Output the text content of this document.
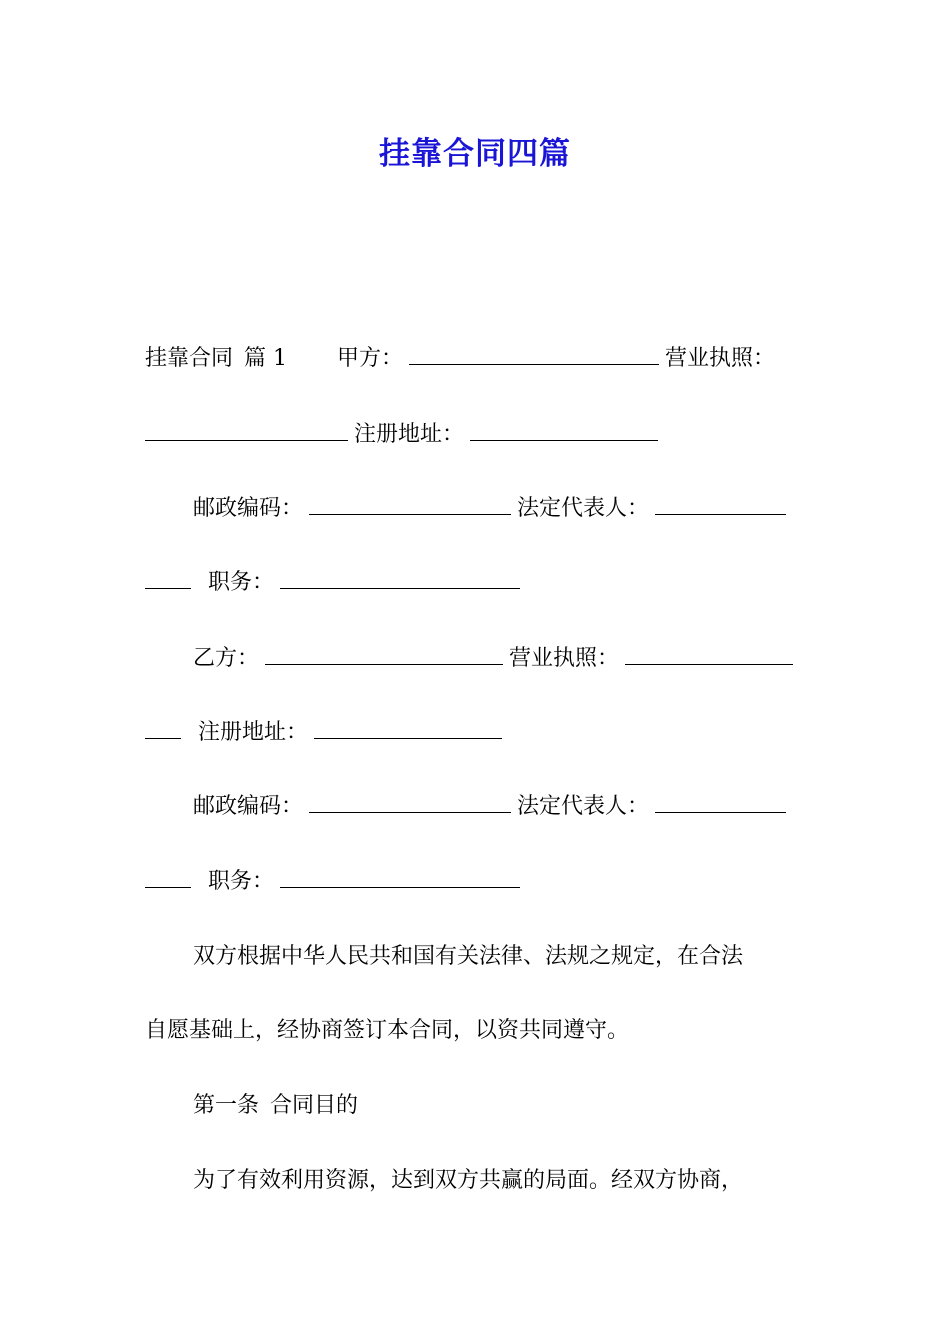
挂靠合同四篇
挂靠合同 篇 1 甲方：	营业执照：
注册地址：
邮政编码：	法定代表人：
职务：
乙方：	营业执照：
注册地址：
邮政编码：	法定代表人：
职务：
双方根据中华人民共和国有关法律、法规之规定，在合法
自愿基础上，经协商签订本合同，以资共同遵守。
第一条 合同目的
为了有效利用资源，达到双方共赢的局面。经双方协商，
